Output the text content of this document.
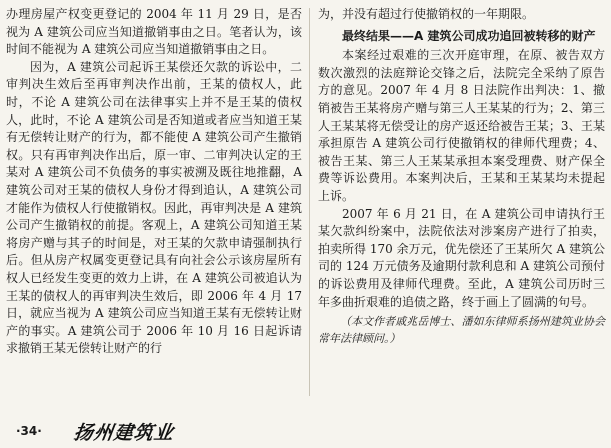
办理房屋产权变更登记的 2004 年 11 月 29 日，是否视为 A 建筑公司应当知道撤销事由之日。笔者认为，该时间不能视为 A 建筑公司应当知道撤销事由之日。

因为，A 建筑公司起诉王某偿还欠款的诉讼中，二审判决生效后至再审判决作出前，王某的债权人，此时，不论 A 建筑公司在法律事实上并不是王某的债权人，此时，不论 A 建筑公司是否知道或者应当知道王某有无偿转让财产的行为，都不能使 A 建筑公司产生撤销权。只有再审判决作出后，原一审、二审判决认定的王某对 A 建筑公司不负债务的事实被溯及既往地推翻，A 建筑公司对王某的债权人身份才得到追认，A 建筑公司才能作为债权人行使撤销权。因此，再审判决是 A 建筑公司产生撤销权的前提。客观上，A 建筑公司知道王某将房产赠与其子的时间是，对王某的欠款申请强制执行后。但从房产权属变更登记具有向社会公示该房屋所有权人已经发生变更的效力上讲，在 A 建筑公司被追认为王某的债权人的再审判决生效后，即 2006 年 4 月 17 日，就应当视为 A 建筑公司应当知道王某有无偿转让财产的事实。A 建筑公司于 2006 年 10 月 16 日起诉请求撤销王某无偿转让财产的行

为，并没有超过行使撤销权的一年期限。

最终结果——A 建筑公司成功追回被转移的财产

本案经过艰难的三次开庭审理，在原、被告双方数次激烈的法庭辩论交锋之后，法院完全采纳了原告方的意见。2007 年 4 月 8 日法院作出判决：1、撤销被告王某将房产赠与第三人王某某的行为；2、第三人王某某将无偿受让的房产返还给被告王某；3、王某承担原告 A 建筑公司行使撤销权的律师代理费；4、被告王某、第三人王某某承担本案受理费、财产保全费等诉讼费用。本案判决后，王某和王某某均未提起上诉。

2007 年 6 月 21 日，在 A 建筑公司申请执行王某欠款纠纷案中，法院依法对涉案房产进行了拍卖，拍卖所得 170 余万元，优先偿还了王某所欠 A 建筑公司的 124 万元债务及逾期付款利息和 A 建筑公司预付的诉讼费用及律师代理费。至此，A 建筑公司历时三年多曲折艰难的追债之路，终于画上了圆满的句号。

（本文作者戚兆岳博士、潘如东律师系扬州建筑业协会常年法律顾问。）

·34· 扬州建筑业
